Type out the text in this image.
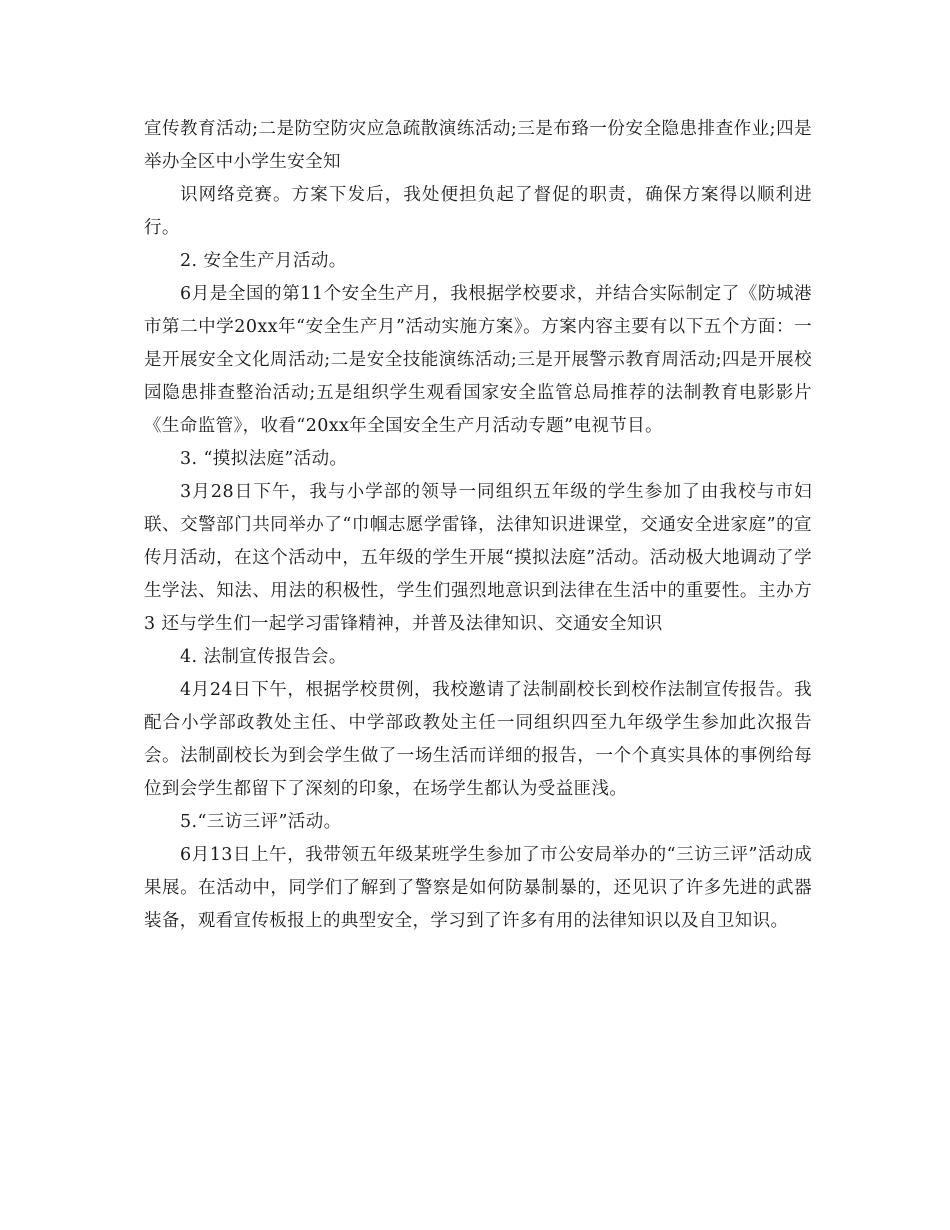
宣传教育活动;二是防空防灾应急疏散演练活动;三是布臵一份安全隐患排查作业;四是举办全区中小学生安全知

识网络竞赛。方案下发后，我处便担负起了督促的职责，确保方案得以顺利进行。

2. 安全生产月活动。

6月是全国的第11个安全生产月，我根据学校要求，并结合实际制定了《防城港市第二中学20xx年“安全生产月”活动实施方案》。方案内容主要有以下五个方面：一是开展安全文化周活动;二是安全技能演练活动;三是开展警示教育周活动;四是开展校园隐患排查整治活动;五是组织学生观看国家安全监管总局推荐的法制教育电影影片《生命监管》，收看“20xx年全国安全生产月活动专题”电视节目。

3. “摸拟法庭”活动。

3月28日下午，我与小学部的领导一同组织五年级的学生参加了由我校与市妇联、交警部门共同举办了“巾帼志愿学雷锋，法律知识进课堂，交通安全进家庭”的宣传月活动，在这个活动中，五年级的学生开展“摸拟法庭”活动。活动极大地调动了学生学法、知法、用法的积极性，学生们强烈地意识到法律在生活中的重要性。主办方3 还与学生们一起学习雷锋精神，并普及法律知识、交通安全知识

4. 法制宣传报告会。

4月24日下午，根据学校贯例，我校邀请了法制副校长到校作法制宣传报告。我配合小学部政教处主任、中学部政教处主任一同组织四至九年级学生参加此次报告会。法制副校长为到会学生做了一场生活而详细的报告，一个个真实具体的事例给每位到会学生都留下了深刻的印象，在场学生都认为受益匪浅。

5.“三访三评”活动。

6月13日上午，我带领五年级某班学生参加了市公安局举办的“三访三评”活动成果展。在活动中，同学们了解到了警察是如何防暴制暴的，还见识了许多先进的武器装备，观看宣传板报上的典型安全，学习到了许多有用的法律知识以及自卫知识。
